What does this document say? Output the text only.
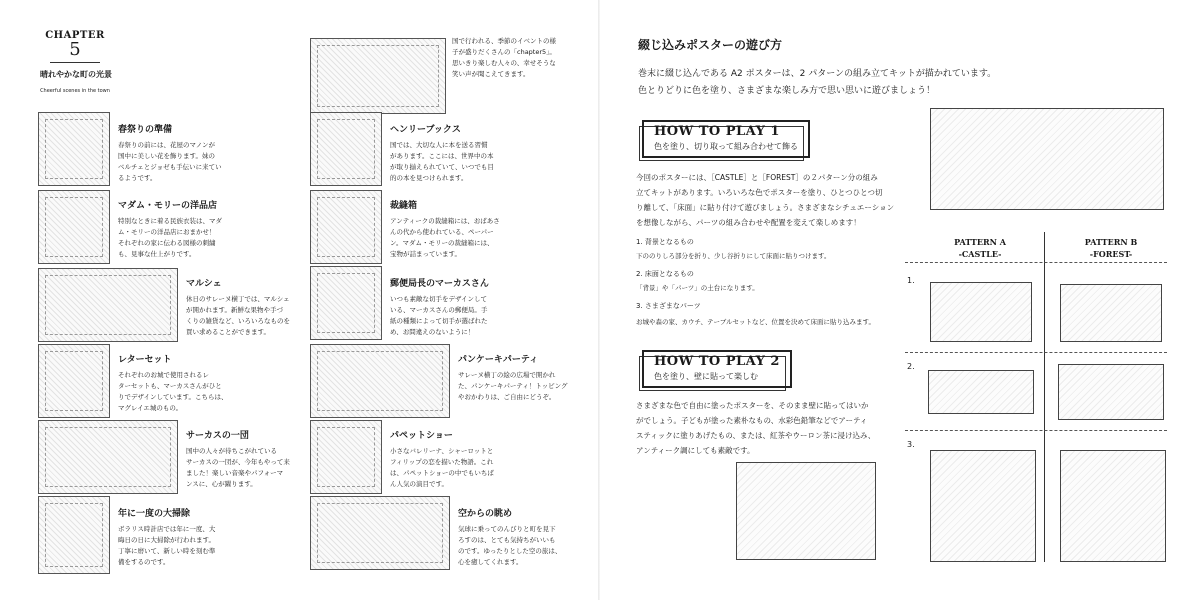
CHAPTER
5
晴れやかな町の光景
Cheerful scenes in the town
国で行われる、季節のイベントの様
子が盛りだくさんの「chapter5」。
思いきり楽しむ人々の、幸せそうな
笑い声が聞こえてきます。
春祭りの準備
春祭りの前には、花屋のマノンが
国中に美しい花を飾ります。妹の
ベルチェとジョゼも手伝いに来てい
るようです。
マダム・モリーの洋品店
特別なときに着る民族衣装は、マダ
ム・モリーの洋品店におまかせ！
それぞれの家に伝わる図様の刺繍
も、見事な仕上がりです。
マルシェ
休日のサレーヌ横丁では、マルシェ
が開かれます。新鮮な果物や手づ
くりの雑貨など、いろいろなものを
買い求めることができます。
レターセット
それぞれのお城で使用されるレ
ターセットも、マーカスさんがひと
りでデザインしています。こちらは、
マグレイエ城のもの。
サーカスの一団
国中の人々が待ちこがれている
サーカスの一団が、今年もやって来
ました！楽しい音楽やパフォーマ
ンスに、心が躍ります。
年に一度の大掃除
ボラリス時計店では年に一度、大
晦日の日に大掃除が行われます。
丁寧に磨いて、新しい時を刻む準
備をするのです。
ヘンリーブックス
国では、大切な人に本を送る習慣
があります。ここには、世界中の本
が取り揃えられていて、いつでも目
的の本を見つけられます。
裁縫箱
アンティークの裁縫箱には、おばあさ
んの代から使われている、ペーパー
ン。マダム・モリーの裁縫箱には、
宝物が詰まっています。
郵便局長のマーカスさん
いつも素敵な切手をデザインして
いる、マーカスさんの郵便局。手
紙の種類によって切手が選ばれた
め、お問違えのないように！
パンケーキパーティ
サレーヌ横丁の絵の広場で開かれ
た、パンケーキパーティ！トッピング
やおかわりは、ご自由にどうぞ。
パペットショー
小さなバレリーナ、シャーロットと
フィリップの恋を描いた物語。これ
は、パペットショーの中でもいちば
ん人気の演目です。
空からの眺め
気球に乗ってのんびりと町を見下
ろすのは、とても気持ちがいいも
のです。ゆったりとした空の旅は、
心を癒してくれます。
綴じ込みポスターの遊び方
巻末に綴じ込んである A2 ポスターは、2 パターンの組み立てキットが描かれています。
色とりどりに色を塗り、さまざまな楽しみ方で思い思いに遊びましょう！
HOW TO PLAY 1
色を塗り、切り取って組み合わせて飾る
今回のポスターには、［CASTLE］と［FOREST］の２パターン分の組み
立てキットがあります。いろいろな色でポスターを塗り、ひとつひとつ切
り離して、「床面」に貼り付けて遊びましょう。さまざまなシチュエーション
を想像しながら、パーツの組み合わせや配置を変えて楽しめます！
1. 背景となるもの
下ののりしろ部分を折り、少し谷折りにして床面に貼りつけます。
2. 床面となるもの
「背景」や「パーツ」の土台になります。
3. さまざまなパーツ
お城や森の家、カウチ、テーブルセットなど、位置を決めて床面に貼り込みます。
HOW TO PLAY 2
色を塗り、壁に貼って楽しむ
さまざまな色で自由に塗ったポスターを、そのまま壁に貼ってはいか
がでしょう。子どもが塗った素朴なもの、水彩色鉛筆などでアーティ
スティックに塗りあげたもの、または、紅茶やウーロン茶に浸け込み、
アンティーク調にしても素敵です。
PATTERN A
-CASTLE-
PATTERN B
-FOREST-
1.
2.
3.
